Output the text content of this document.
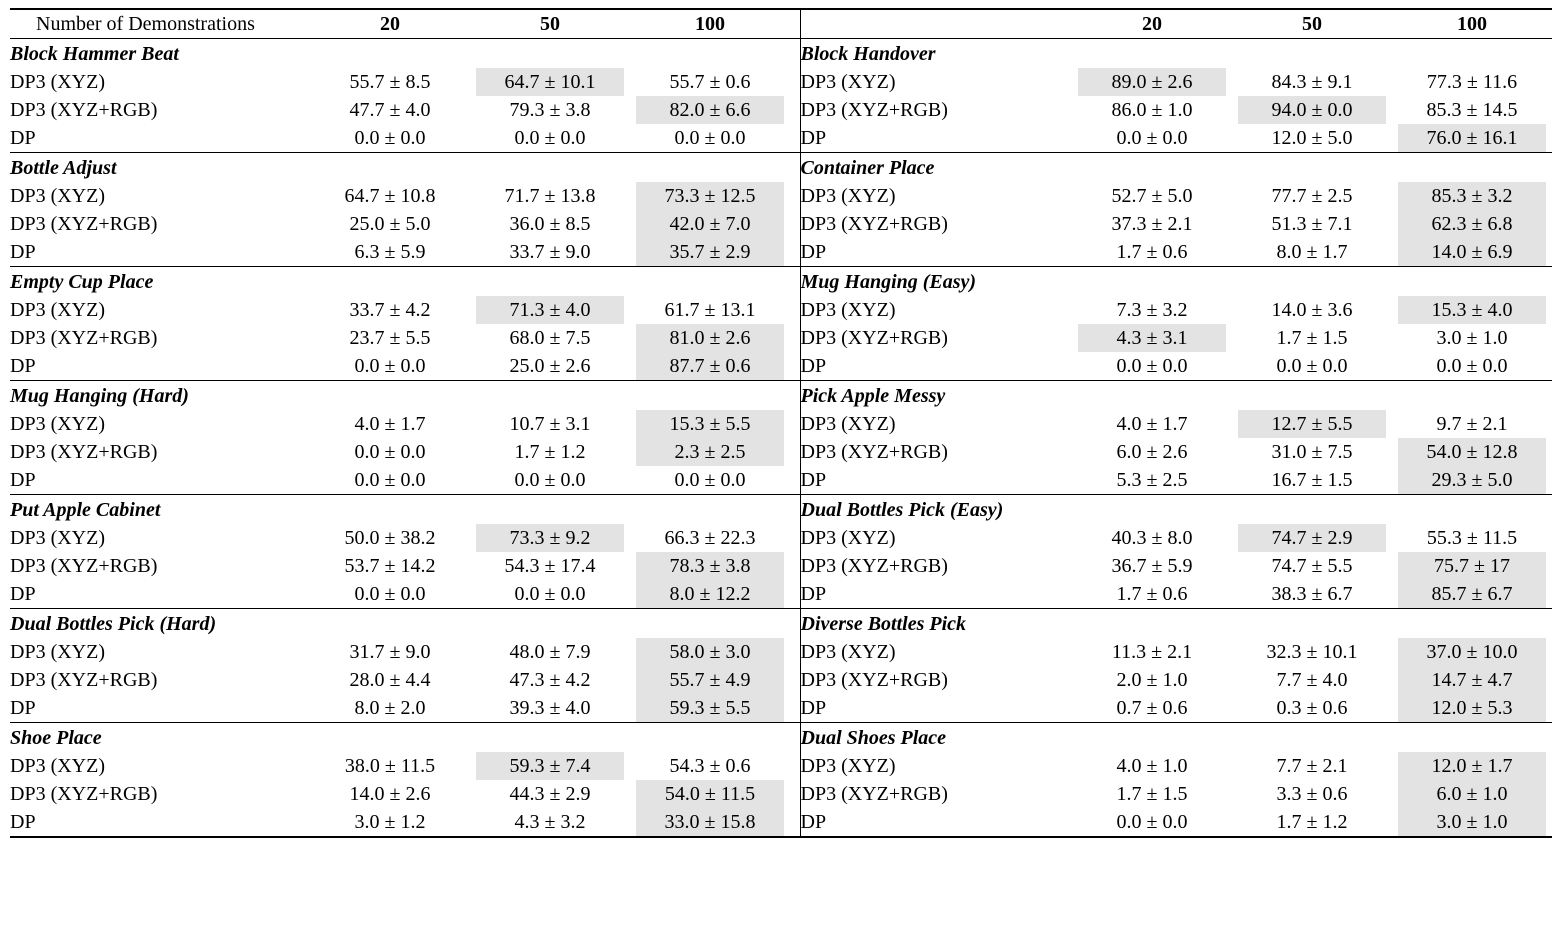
Number of Demonstrations	20	50	100			20	50	100
Block Hammer Beat					Block Handover			
DP3 (XYZ)	55.7 ± 8.5	64.7 ± 10.1	55.7 ± 0.6		DP3 (XYZ)	89.0 ± 2.6	84.3 ± 9.1	77.3 ± 11.6
DP3 (XYZ+RGB)	47.7 ± 4.0	79.3 ± 3.8	82.0 ± 6.6		DP3 (XYZ+RGB)	86.0 ± 1.0	94.0 ± 0.0	85.3 ± 14.5
DP	0.0 ± 0.0	0.0 ± 0.0	0.0 ± 0.0		DP	0.0 ± 0.0	12.0 ± 5.0	76.0 ± 16.1

Bottle Adjust					Container Place			
DP3 (XYZ)	64.7 ± 10.8	71.7 ± 13.8	73.3 ± 12.5		DP3 (XYZ)	52.7 ± 5.0	77.7 ± 2.5	85.3 ± 3.2

DP3 (XYZ+RGB)	25.0 ± 5.0	36.0 ± 8.5	42.0 ± 7.0		DP3 (XYZ+RGB)	37.3 ± 2.1	51.3 ± 7.1	62.3 ± 6.8

DP	6.3 ± 5.9	33.7 ± 9.0	35.7 ± 2.9		DP	1.7 ± 0.6	8.0 ± 1.7	14.0 ± 6.9

Empty Cup Place					Mug Hanging (Easy)			
DP3 (XYZ)	33.7 ± 4.2	71.3 ± 4.0	61.7 ± 13.1		DP3 (XYZ)	7.3 ± 3.2	14.0 ± 3.6	15.3 ± 4.0

DP3 (XYZ+RGB)	23.7 ± 5.5	68.0 ± 7.5	81.0 ± 2.6		DP3 (XYZ+RGB)	4.3 ± 3.1	1.7 ± 1.5	3.0 ± 1.0
DP	0.0 ± 0.0	25.0 ± 2.6	87.7 ± 0.6		DP	0.0 ± 0.0	0.0 ± 0.0	0.0 ± 0.0
Mug Hanging (Hard)					Pick Apple Messy			
DP3 (XYZ)	4.0 ± 1.7	10.7 ± 3.1	15.3 ± 5.5		DP3 (XYZ)	4.0 ± 1.7	12.7 ± 5.5	9.7 ± 2.1
DP3 (XYZ+RGB)	0.0 ± 0.0	1.7 ± 1.2	2.3 ± 2.5		DP3 (XYZ+RGB)	6.0 ± 2.6	31.0 ± 7.5	54.0 ± 12.8

DP	0.0 ± 0.0	0.0 ± 0.0	0.0 ± 0.0		DP	5.3 ± 2.5	16.7 ± 1.5	29.3 ± 5.0

Put Apple Cabinet					Dual Bottles Pick (Easy)			
DP3 (XYZ)	50.0 ± 38.2	73.3 ± 9.2	66.3 ± 22.3		DP3 (XYZ)	40.3 ± 8.0	74.7 ± 2.9	55.3 ± 11.5
DP3 (XYZ+RGB)	53.7 ± 14.2	54.3 ± 17.4	78.3 ± 3.8		DP3 (XYZ+RGB)	36.7 ± 5.9	74.7 ± 5.5	75.7 ± 17

DP	0.0 ± 0.0	0.0 ± 0.0	8.0 ± 12.2		DP	1.7 ± 0.6	38.3 ± 6.7	85.7 ± 6.7

Dual Bottles Pick (Hard)					Diverse Bottles Pick			
DP3 (XYZ)	31.7 ± 9.0	48.0 ± 7.9	58.0 ± 3.0		DP3 (XYZ)	11.3 ± 2.1	32.3 ± 10.1	37.0 ± 10.0

DP3 (XYZ+RGB)	28.0 ± 4.4	47.3 ± 4.2	55.7 ± 4.9		DP3 (XYZ+RGB)	2.0 ± 1.0	7.7 ± 4.0	14.7 ± 4.7

DP	8.0 ± 2.0	39.3 ± 4.0	59.3 ± 5.5		DP	0.7 ± 0.6	0.3 ± 0.6	12.0 ± 5.3

Shoe Place					Dual Shoes Place			
DP3 (XYZ)	38.0 ± 11.5	59.3 ± 7.4	54.3 ± 0.6		DP3 (XYZ)	4.0 ± 1.0	7.7 ± 2.1	12.0 ± 1.7

DP3 (XYZ+RGB)	14.0 ± 2.6	44.3 ± 2.9	54.0 ± 11.5		DP3 (XYZ+RGB)	1.7 ± 1.5	3.3 ± 0.6	6.0 ± 1.0

DP	3.0 ± 1.2	4.3 ± 3.2	33.0 ± 15.8		DP	0.0 ± 0.0	1.7 ± 1.2	3.0 ± 1.0
